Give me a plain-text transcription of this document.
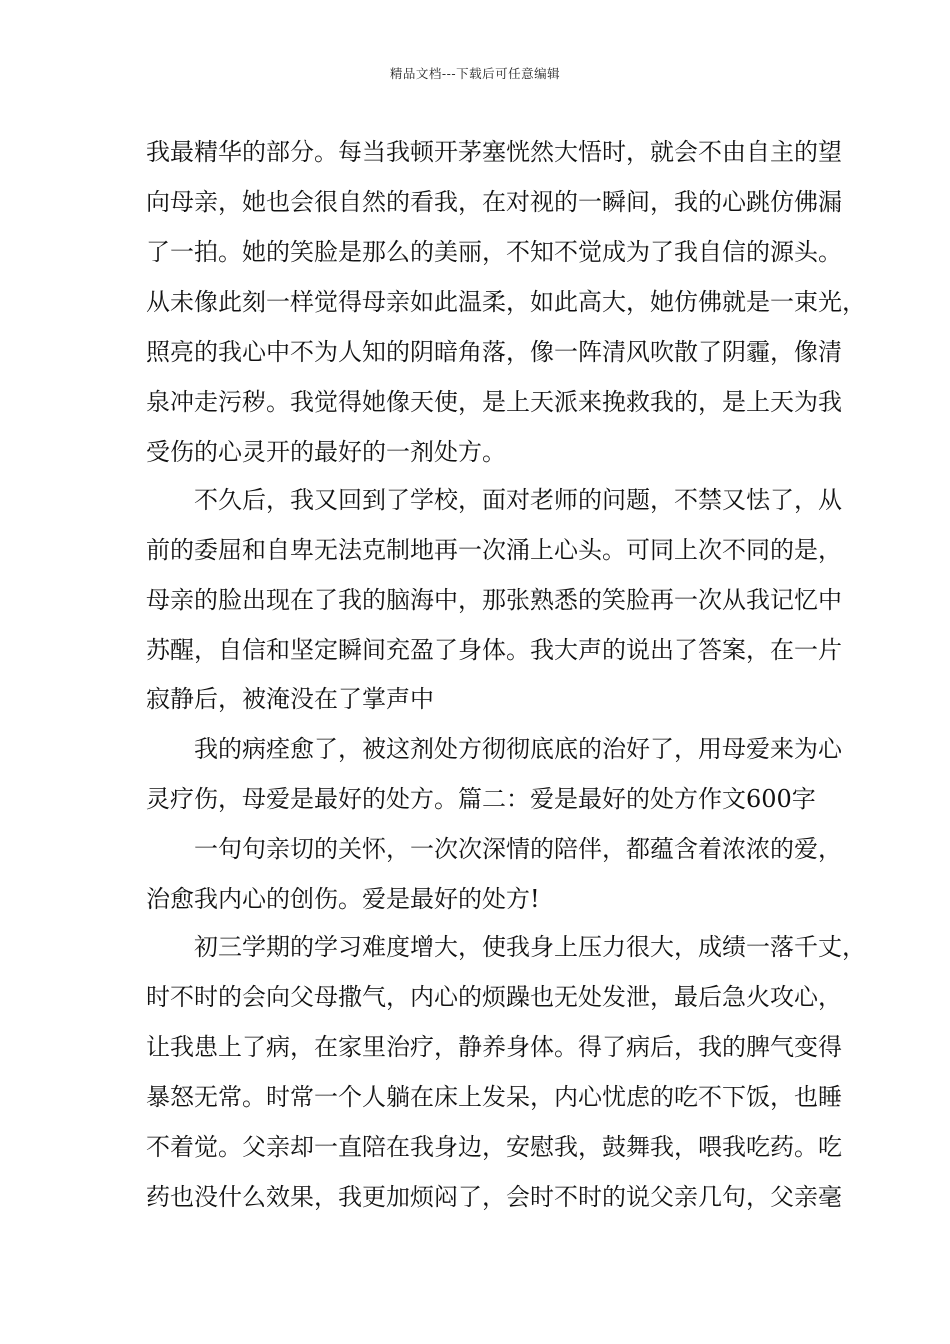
精品文档---下载后可任意编辑
我最精华的部分。每当我顿开茅塞恍然大悟时，就会不由自主的望
向母亲，她也会很自然的看我，在对视的一瞬间，我的心跳仿佛漏
了一拍。她的笑脸是那么的美丽，不知不觉成为了我自信的源头。
从未像此刻一样觉得母亲如此温柔，如此高大，她仿佛就是一束光，
照亮的我心中不为人知的阴暗角落，像一阵清风吹散了阴霾，像清
泉冲走污秽。我觉得她像天使，是上天派来挽救我的，是上天为我
受伤的心灵开的最好的一剂处方。
不久后，我又回到了学校，面对老师的问题，不禁又怯了，从
前的委屈和自卑无法克制地再一次涌上心头。可同上次不同的是，
母亲的脸出现在了我的脑海中，那张熟悉的笑脸再一次从我记忆中
苏醒，自信和坚定瞬间充盈了身体。我大声的说出了答案，在一片
寂静后，被淹没在了掌声中
我的病痊愈了，被这剂处方彻彻底底的治好了，用母爱来为心
灵疗伤，母爱是最好的处方。篇二：爱是最好的处方作文600字
一句句亲切的关怀，一次次深情的陪伴，都蕴含着浓浓的爱，
治愈我内心的创伤。爱是最好的处方!
初三学期的学习难度增大，使我身上压力很大，成绩一落千丈，
时不时的会向父母撒气，内心的烦躁也无处发泄，最后急火攻心，
让我患上了病，在家里治疗，静养身体。得了病后，我的脾气变得
暴怒无常。时常一个人躺在床上发呆，内心忧虑的吃不下饭，也睡
不着觉。父亲却一直陪在我身边，安慰我，鼓舞我，喂我吃药。吃
药也没什么效果，我更加烦闷了，会时不时的说父亲几句，父亲毫
